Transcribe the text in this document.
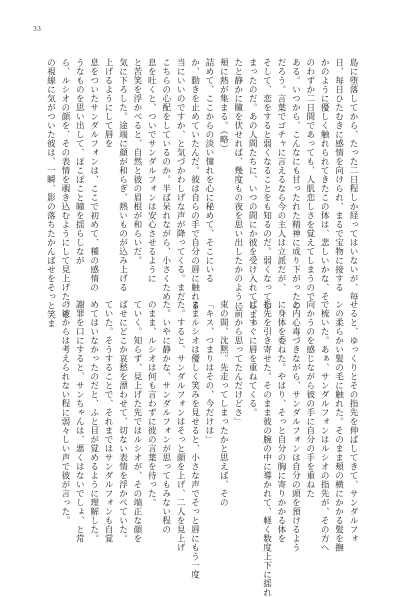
33
島に堕落してから、たった二日程しか経ってはいないが、毎
日、毎日ひたむきに感情を向けられ、まるで宝物に接する
かのように優しく触れられてきたこの体は、悲しいかな、そ
のわずか二日間であっても、人肌恋しさを覚えてしまうので
ある。いつから、こんなにも甘ったれた精神に成り下がったの
だろう。言葉でゴチャに言えるなら今の主人は立派だが、
そして、恋をすると弱くなることをも知るのだ。弱くなってし
まったのだ。あの人間たちに、いつの間にか彼を受け入れてしまっ
たと静かに瞳を伏せれば、幾度もの夜を思い出したかのように
頬に熱が集まる。（略）
詰めて、ここからの淡い憧れを心に秘めて、そこにいる
か、動きを止めていたんだ。彼は自らの手で自分の唇に触れる
当にいいのですか、と気づかわしげな声が降ってくる。まだ
こちらの心配をしているのか。半ば呆れながら、小さくため
息を吐くと、ついでサンダルフォンは安心させるように
と苦笑を浮かべると、自然と彼の眉根が和らいだ。
気に下ろした。途端に顔が和らぎ、熱いものが込み上げる
上げるようにして唇を
息をついたサンダルフォンは、ここで初めて、種の感情の
うなものを思い出して、ぽこぽこと瞳を揺らしなが
ら、ルシオの顔を、その表情を覗き込むようにして見上げた。そ
の視線に気がついた彼は、一瞬、影の落ちたかんばせをそっと笑ま
せると、ゆっくりとその指先を伸ばしてきて、サンダルフォ
ンの柔らかい髪の毛に触れた。そのまま頬の横にかかる髪を撫
で梳いた。あぁ、サンダルフォンはルシオの指先が、その方へ
向かうのを感じながら彼の手に自分の手を重ねた
と内心毒づきながら、サンダルフォンは自分の頭を預けるよう
に身体を委ねた。やはり、そっと自分の胸に寄りかかる体を
指先を引き寄せた。そのまま彼の腕の中に導かれて、軽く数度上下に揺れ
ば、すぐに唇を重ねてくる。
「前から思ってたんだけどさ」
束の間、沈黙。先走ってしまったかと思えば、その
「キス、つまりはその、今だけは」
ままルシオは優しく笑みを見せると、小さな声でそっと唇にもう一度
た。すると、サンダルフォンはそっと顔を上げ、二人を見上げ
た。いやに静かな、サンダルフォンが思ってもみない程の
のまま、ルシオは何も言わずに彼の言葉を待った。
ていく。知らず、見上げた先ではルシオが、その端正な顔を
ばせにどこか哀愁を漂わせて、切ない表情を浮かべていた。
ていた。そうすることで、それまではサンダルフォンも自覚
めてはいなかったのだと、ふと目が覚めるように理解した。
謝罪を口にすると、サンちゃんは、悪くはないでしょ、と常
の彼からは考えられない程に弱々しい声で彼が言った。
